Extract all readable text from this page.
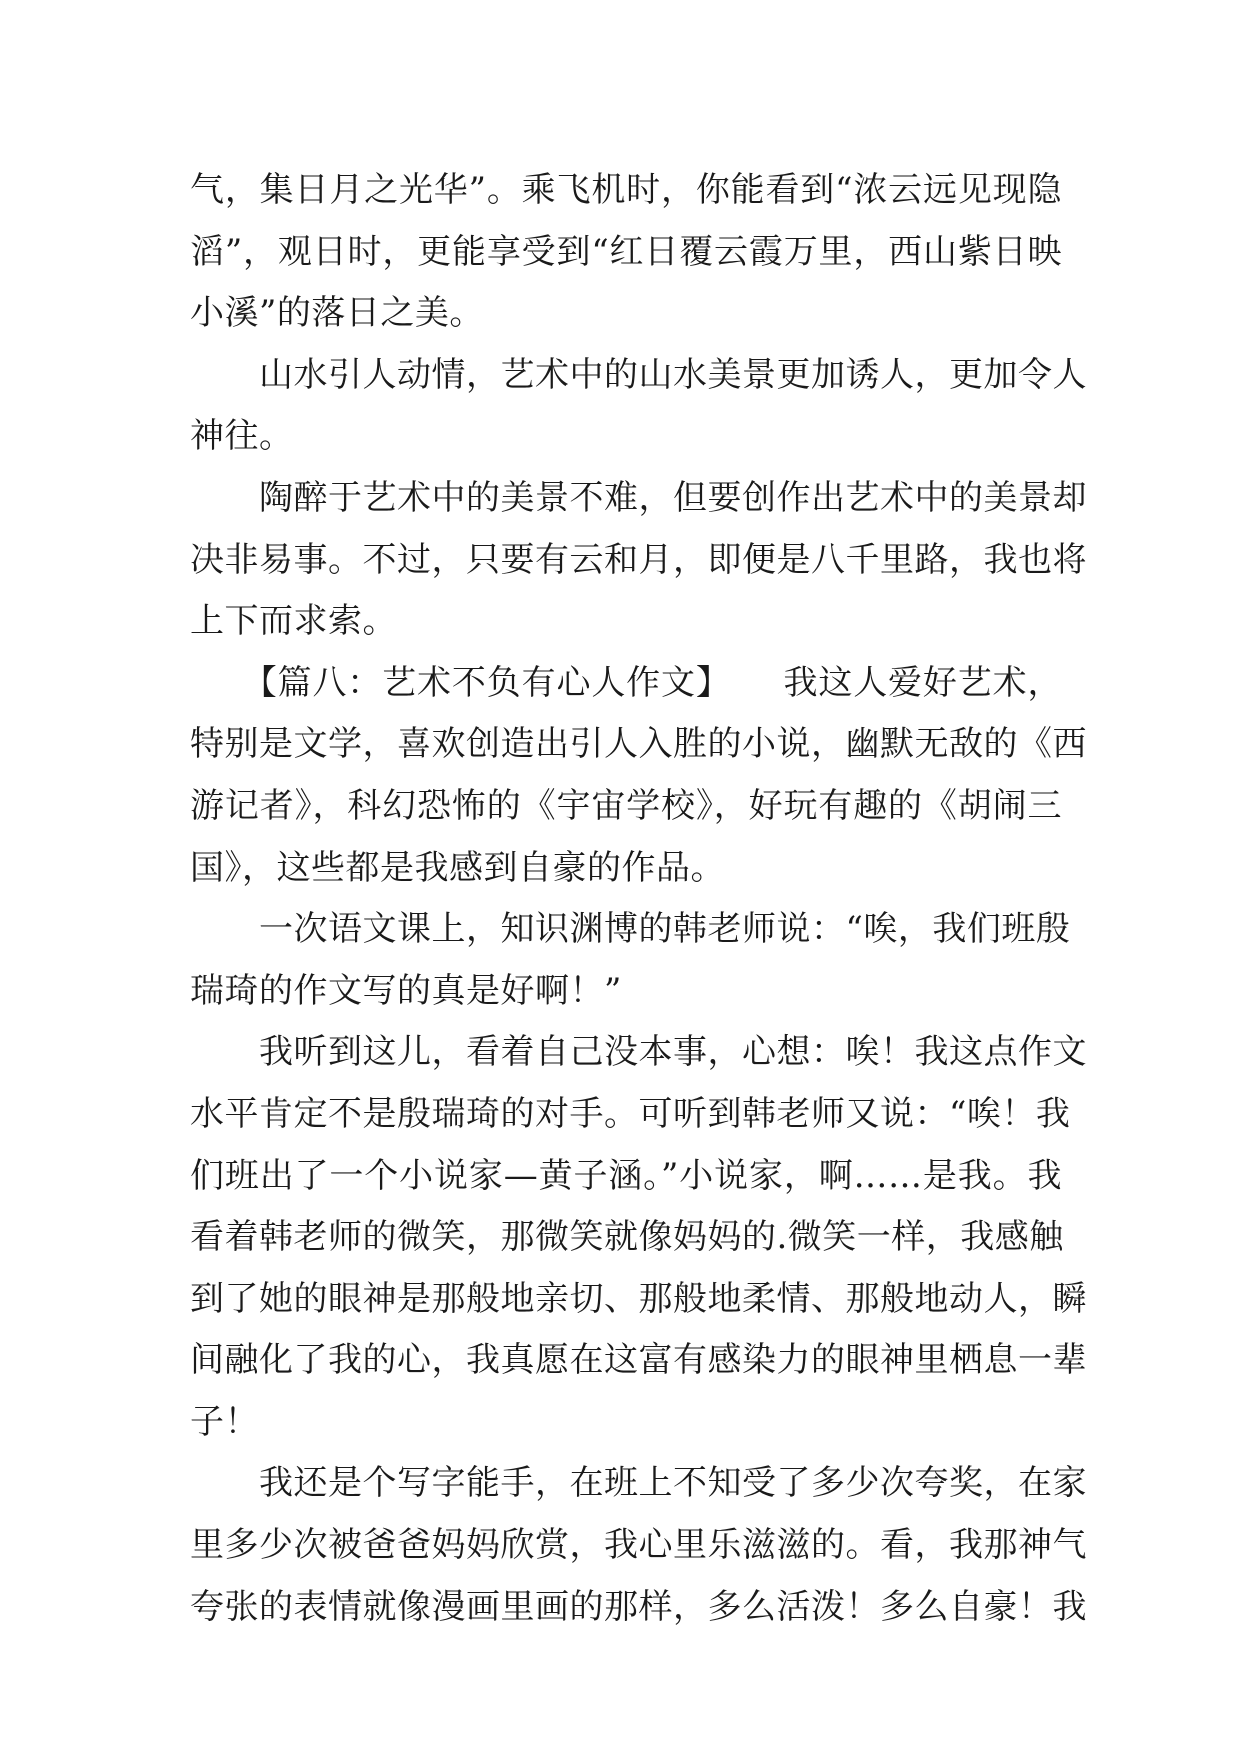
气，集日月之光华”。乘飞机时，你能看到“浓云远见现隐
滔”，观日时，更能享受到“红日覆云霞万里，西山紫日映
小溪”的落日之美。

　　山水引人动情，艺术中的山水美景更加诱人，更加令人
神往。

　　陶醉于艺术中的美景不难，但要创作出艺术中的美景却
决非易事。不过，只要有云和月，即便是八千里路，我也将
上下而求索。

　　【篇八：艺术不负有心人作文】　　我这人爱好艺术，
特别是文学，喜欢创造出引人入胜的小说，幽默无敌的《西
游记者》，科幻恐怖的《宇宙学校》，好玩有趣的《胡闹三
国》，这些都是我感到自豪的作品。

　　一次语文课上，知识渊博的韩老师说：“唉，我们班殷
瑞琦的作文写的真是好啊！”

　　我听到这儿，看着自己没本事，心想：唉！我这点作文
水平肯定不是殷瑞琦的对手。可听到韩老师又说：“唉！我
们班出了一个小说家—黄子涵。”小说家，啊……是我。我
看着韩老师的微笑，那微笑就像妈妈的.微笑一样，我感触
到了她的眼神是那般地亲切、那般地柔情、那般地动人，瞬
间融化了我的心，我真愿在这富有感染力的眼神里栖息一辈
子！

　　我还是个写字能手，在班上不知受了多少次夸奖，在家
里多少次被爸爸妈妈欣赏，我心里乐滋滋的。看，我那神气
夸张的表情就像漫画里画的那样，多么活泼！多么自豪！我
